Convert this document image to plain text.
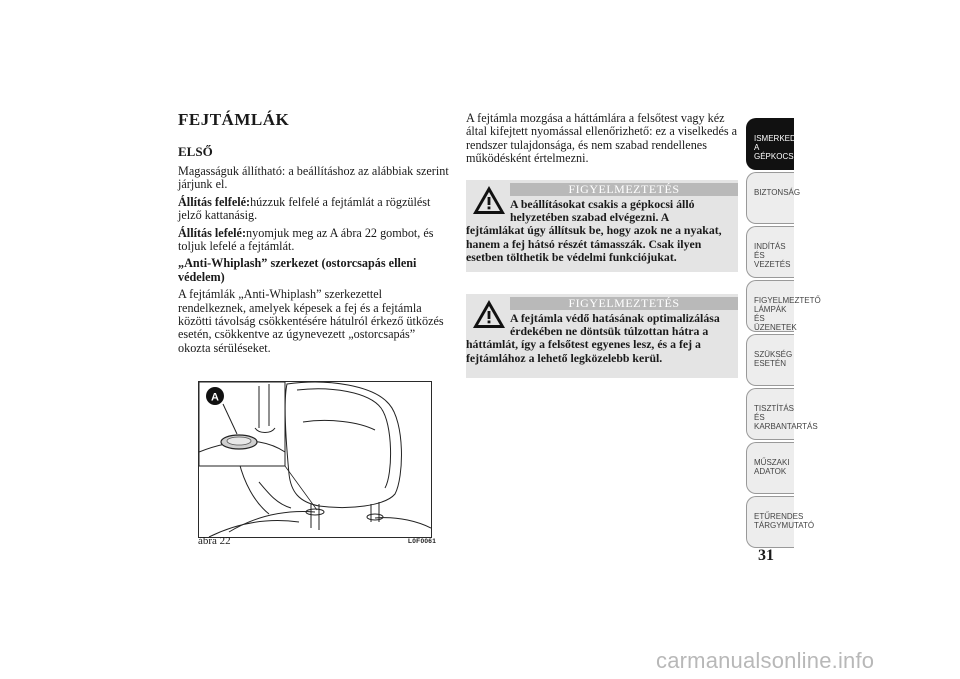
FEJTÁMLÁK
ELSŐ

Magasságuk állítható: a beállításhoz az alábbiak szerint járjunk el.

Állítás felfelé:húzzuk felfelé a fejtámlát a rögzülést jelző kattanásig.

Állítás lefelé:nyomjuk meg az A ábra 22 gombot, és toljuk lefelé a fejtámlát.

„Anti-Whiplash” szerkezet (ostorcsapás elleni védelem)

A fejtámlák „Anti-Whiplash” szerkezettel rendelkeznek, amelyek képesek a fej és a fejtámla közötti távolság csökkentésére hátulról érkező ütközés esetén, csökkentve az úgynevezett „ostorcsapás” okozta sérüléseket.

A
ábra 22	L0F0061

A fejtámla mozgása a háttámlára a felsőtest vagy kéz által kifejtett nyomással ellenőrizhető: ez a viselkedés a rendszer tulajdonsága, és nem szabad rendellenes működésként értelmezni.

FIGYELMEZTETÉS
A beállításokat csakis a gépkocsi álló helyzetében szabad elvégezni. A
fejtámlákat úgy állítsuk be, hogy azok ne a nyakat, hanem a fej hátsó részét támasszák. Csak ilyen esetben tölthetik be védelmi funkciójukat.
FIGYELMEZTETÉS
A fejtámla védő hatásának optimalizálása érdekében ne döntsük túlzottan hátra a
háttámlát, így a felsőtest egyenes lesz, és a fej a fejtámlához a lehető legközelebb kerül.
ISMERKEDÉS A GÉPKOCSIVAL
BIZTONSÁG
INDÍTÁS ÉS VEZETÉS
FIGYELMEZTETŐ LÁMPÁK ÉS ÜZENETEK
SZÜKSÉG ESETÉN
TISZTÍTÁS ÉS KARBANTARTÁS
MŰSZAKI ADATOK
ETŰRENDES TÁRGYMUTATÓ
31
carmanualsonline.info
